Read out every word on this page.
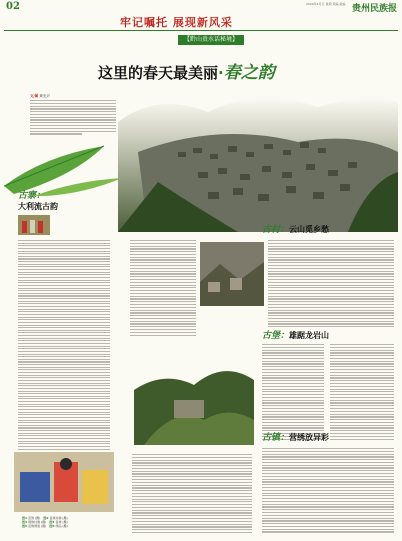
02	2024年4月日 星期 责编 美编 贵州民族报
牢记嘱托 展现新风采
【黔山贵水话秘境】
这里的春天最美丽·春之韵
文/图 黄光尹
古寨：
大利流古韵
图1 苗族 (摄)　 图2 苗族村寨 (摄)
图3 侗族村寨 (摄)　 图4 苗族 (摄)
图5 苗族绣娘 (摄)　 图6 绣品 (摄)
古村：云山觅乡愁
古堡：雄踞龙岩山
古镇：营绣放异彩
